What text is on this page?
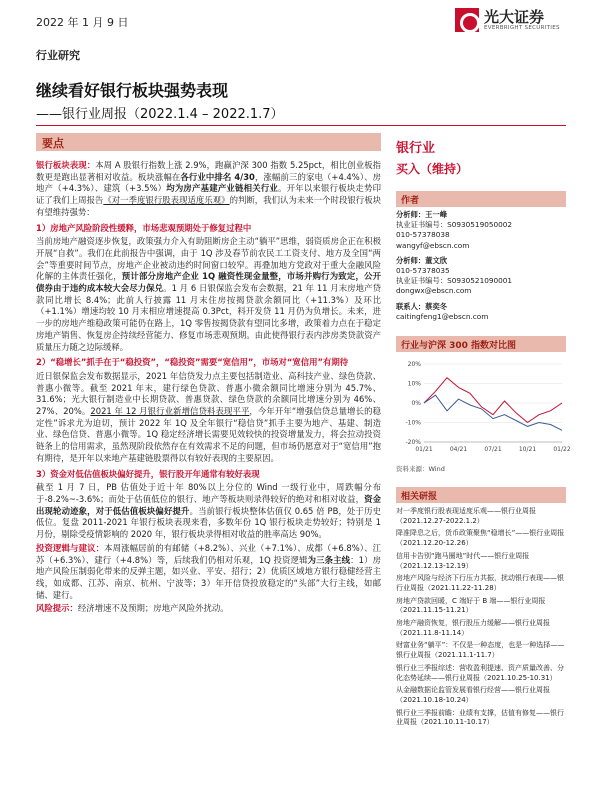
2022 年 1 月 9 日	光大证券
EVERBRIGHT SECURITIES
行业研究
继续看好银行板块强势表现
——银行业周报（2022.1.4 – 2022.1.7）
要点

银行板块表现：本周 A 股银行指数上涨 2.9%，跑赢沪深 300 指数 5.25pct，相比创业板指数更是跑出显著相对收益。板块涨幅在各行业中排名 4/30，涨幅前三的家电（+4.4%）、房地产（+4.3%）、建筑（+3.5%）均为房产基建产业链相关行业。开年以来银行板块走势印证了我们上周报告《对一季度银行股表现适度乐观》的判断，我们认为未来一个时段银行板块有望维持强势：

1）房地产风险阶段性缓释，市场悲观预期处于修复过程中

当前房地产融资逐步恢复，政策强力介入有助阻断房企主动“躺平”思维，弱资质房企正在积极开展“自救”。我们在此前报告中强调，由于 1Q 涉及春节前农民工工资支付、地方及全国“两会”等重要时间节点，房地产企业被动违约时间窗口较窄。再叠加地方党政对于重大金融风险化解的主体责任强化，预计部分房地产企业 1Q 融资性现金量整，市场并购行为致定，公开债券由于违约成本较大会尽力保兑。1 月 6 日银保监会发布会数据，21 年 11 月末房地产贷款同比增长 8.4%；此前人行披露 11 月末住房按揭贷款余额同比（+11.3%）及环比（+1.1%）增速均较 10 月末相应增速提高 0.3Pct，料开发贷 11 月仍为负增长。未来，进一步的房地产维稳政策可能仍在路上，1Q 零售按揭贷款有望同比多增，政策着力点在于稳定房地产销售、恢复房企持续经营能力、修复市场悲观预期。由此使得银行表内涉房类贷款资产质量压力随之边际缓释。

2）“稳增长”抓手在于“稳投资”，“稳投资”需要“宽信用”，市场对“宽信用”有期待

近日银保监会发布数据显示，2021 年信贷发力点主要包括制造业、高科技产业、绿色贷款、普惠小微等。截至 2021 年末，建行绿色贷款、普惠小微余额同比增速分别为 45.7%、31.6%；光大银行制造业中长期贷款、普惠贷款、绿色贷款的余额同比增速分别为 46%、27%、20%。2021 年 12 月银行业新增信贷料表现平平，今年开年“增强信贷总量增长的稳定性”诉求尤为迫切，预计 2022 年 1Q 及全年银行“稳信贷”抓手主要为地产、基建、制造业、绿色信贷、普惠小微等。1Q 稳定经济增长需要见效较快的投资增量发力，将会拉动投资链条上的信用需求，虽然现阶段依然存在有效需求不足的问题，但市场仍愿意对于“宽信用”抱有期待，是开年以来地产基建链股票得以有较好表现的主要原因。

3）资金对低估值板块偏好提升，银行股开年通常有较好表现

截至 1 月 7 日，PB 估值处于近十年 80%以上分位的 Wind 一级行业中，周跌幅分布于-8.2%~-3.6%；而处于估值低位的银行、地产等板块则录得较好的绝对和相对收益，资金出现轮动迹象，对于低估值板块偏好提升。当前银行板块整体估值仅 0.65 倍 PB，处于历史低位。复盘 2011-2021 年银行板块表现来看，多数年份 1Q 银行板块走势较好；特别是 1 月份，剔除受疫情影响的 2020 年，银行板块录得相对收益的胜率高达 90%。

投资逻辑与建议：本周涨幅居前的有邮储（+8.2%）、兴业（+7.1%）、成都（+6.8%）、江苏（+6.3%）、建行（+4.8%）等，后续我们仍相对乐观，1Q 投资逻辑为三条主线：1）房地产风险压制弱化带来的反弹主题，如兴业、平安、招行；2）优质区域地方银行稳健经营主线，如成都、江苏、南京、杭州、宁波等；3）年开信贷投放稳定的“头部”大行主线，如邮储、建行。

风险提示：经济增速不及预期；房地产风险外扰动。

银行业
买入（维持）
作者
分析师：王一峰
执业证书编号：S0930519050002
010-57378038
wangyf@ebscn.com
分析师：董文欣
010-57378035
执业证书编号：S0930521090001
dongwx@ebscn.com
联系人：蔡奕冬
caitingfeng1@ebscn.com
行业与沪深 300 指数对比图
-20%
-10%
0%
10%
20%
01/21	04/21	07/21	10/21	01/22
资料来源：Wind
相关研报
对一季度银行股表现适度乐观——银行业周报（2021.12.27-2022.1.2）
降准降息之后，货币政策聚焦“稳增长”——银行业周报（2021.12.20-12.26）
信用卡告别“跑马圈地”时代——银行业周报（2021.12.13-12.19）
房地产风险与经济下行压力共振，扰动银行表现——银行业周报（2021.11.22-11.28）
房地产贷款回暖，C 端好于 B 端——银行业周报（2021.11.15-11.21）
房地产融资恢复，银行股压力缓解——银行业周报（2021.11.8-11.14）
财富业务“躺平”：不仅是一种态度，也是一种选择——银行业周报（2021.11.1-11.7）
银行业三季报综述：营收盈利提速、资产质量改善、分化态势延续——银行业周报（2021.10.25-10.31）
从金融数据论监管发展看银行经营——银行业周报（2021.10.18-10.24）
银行业三季报前瞻：业绩有支撑，估值有修复——银行业周报（2021.10.11-10.17）
